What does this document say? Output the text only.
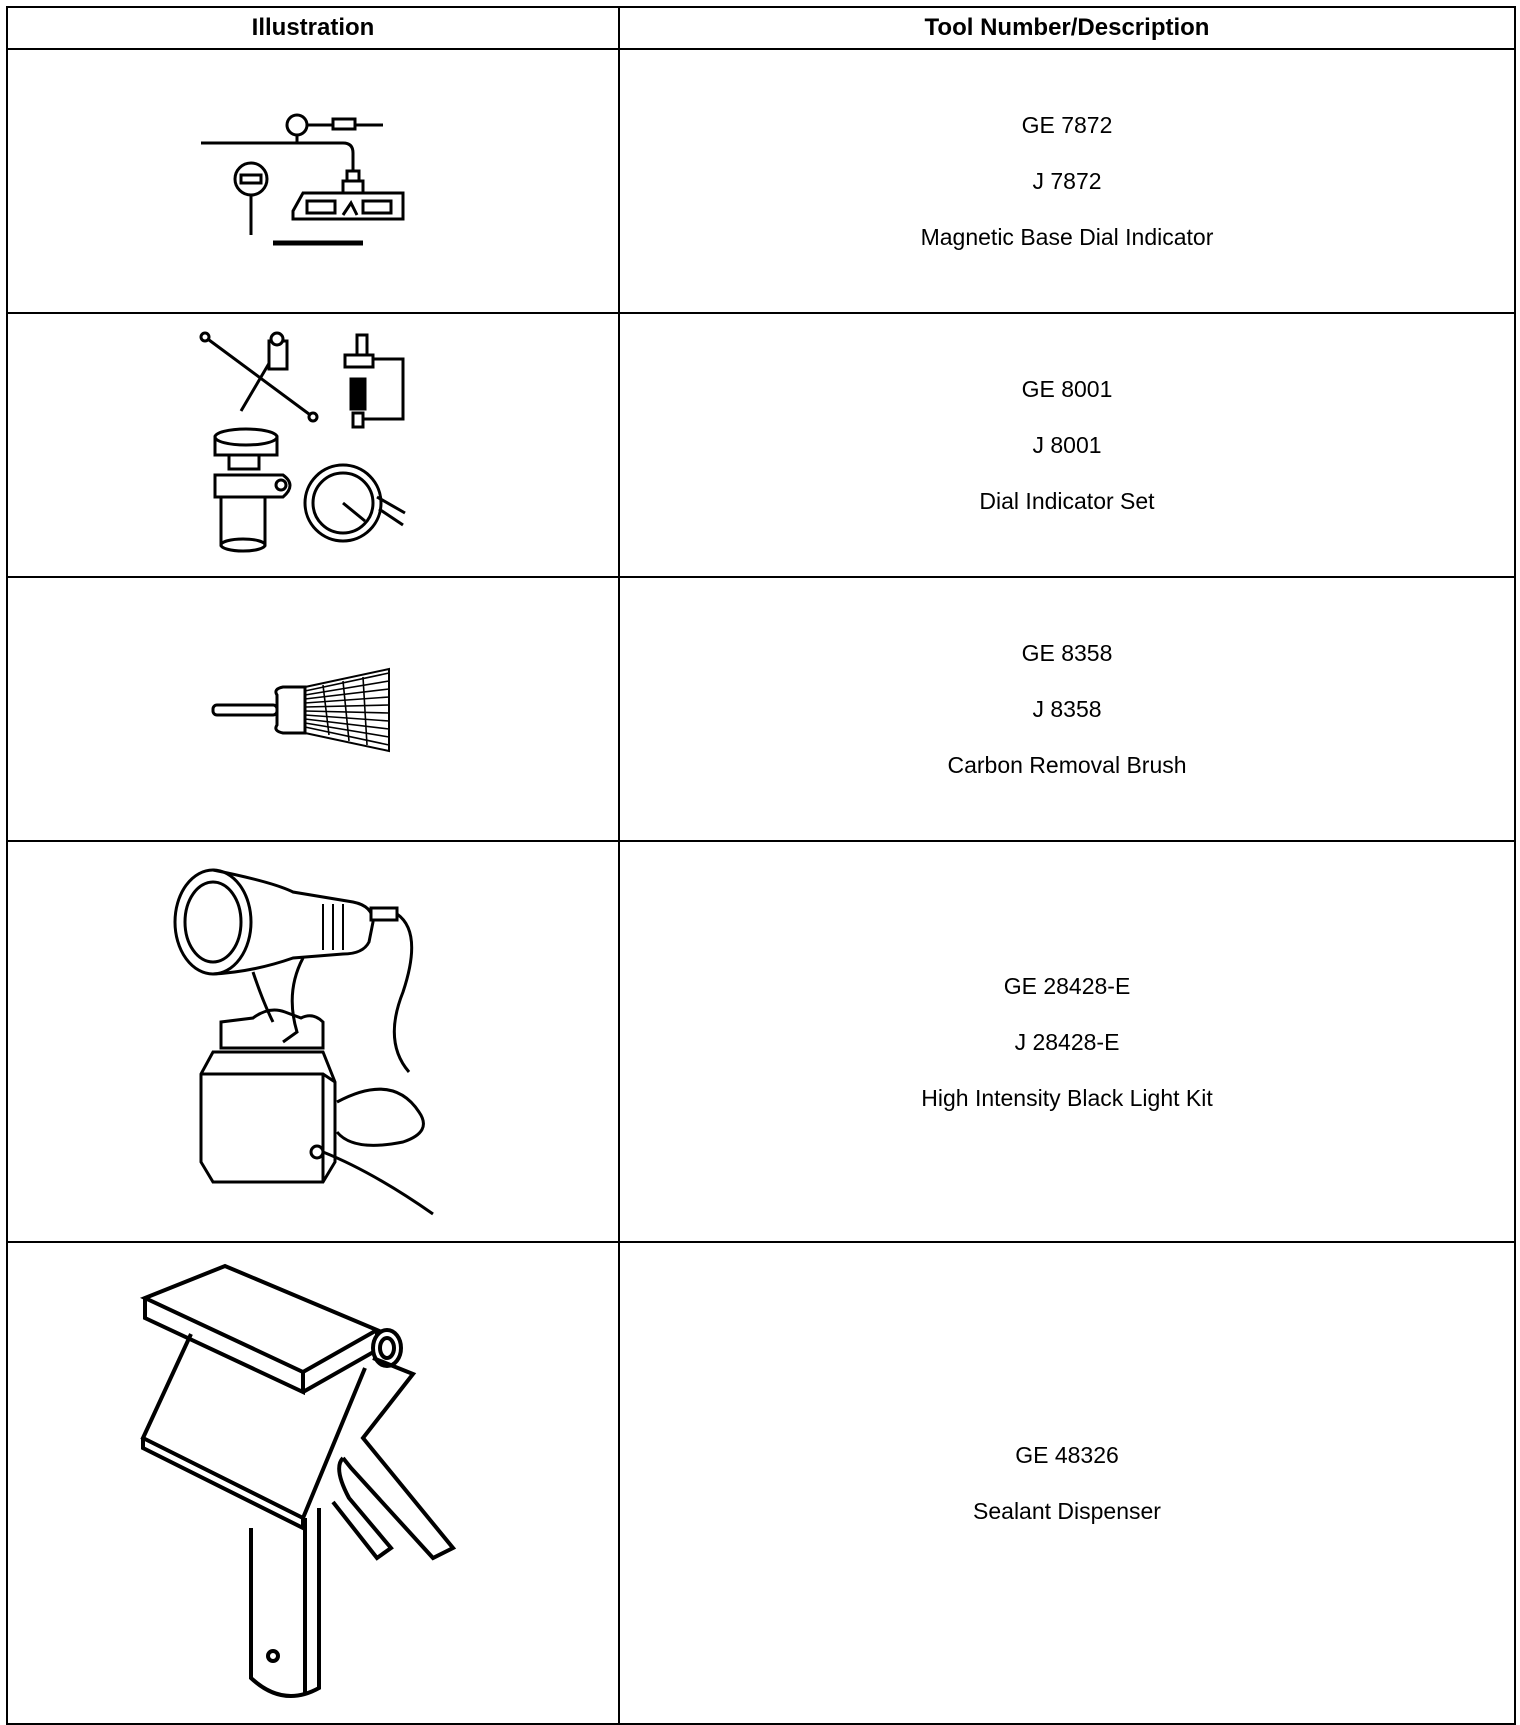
Illustration	Tool Number/Description

GE 7872
J 7872
Magnetic Base Dial Indicator

GE 8001
J 8001
Dial Indicator Set

GE 8358
J 8358
Carbon Removal Brush

GE 28428-E
J 28428-E
High Intensity Black Light Kit

GE 48326
Sealant Dispenser
